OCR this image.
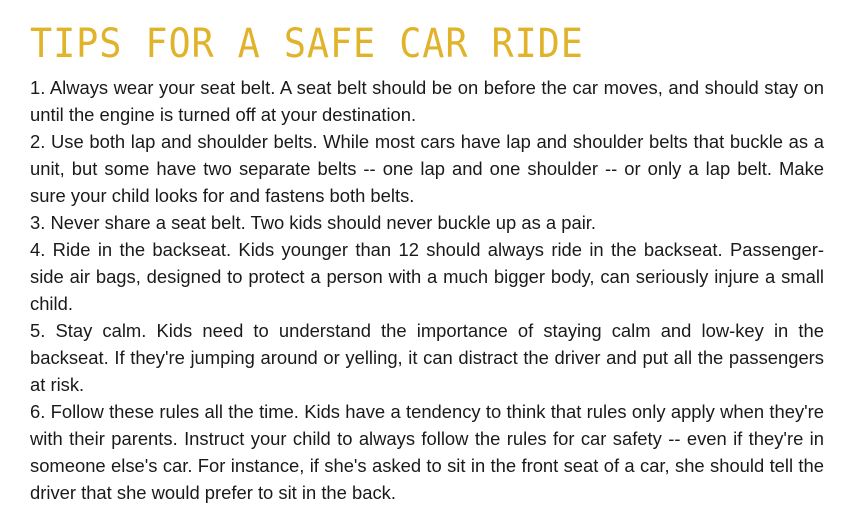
TIPS FOR A SAFE CAR RIDE
1. Always wear your seat belt. A seat belt should be on before the car moves, and should stay on until the engine is turned off at your destination.
2. Use both lap and shoulder belts. While most cars have lap and shoulder belts that buckle as a unit, but some have two separate belts -- one lap and one shoulder -- or only a lap belt. Make sure your child looks for and fastens both belts.
3. Never share a seat belt. Two kids should never buckle up as a pair.
4. Ride in the backseat. Kids younger than 12 should always ride in the backseat. Passenger-side air bags, designed to protect a person with a much bigger body, can seriously injure a small child.
5. Stay calm. Kids need to understand the importance of staying calm and low-key in the backseat. If they're jumping around or yelling, it can distract the driver and put all the passengers at risk.
6. Follow these rules all the time. Kids have a tendency to think that rules only apply when they're with their parents. Instruct your child to always follow the rules for car safety -- even if they're in someone else's car. For instance, if she's asked to sit in the front seat of a car, she should tell the driver that she would prefer to sit in the back.
